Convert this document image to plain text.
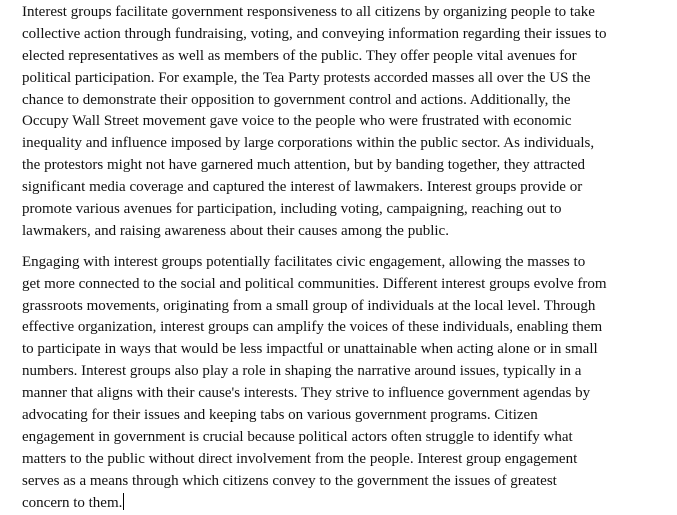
Interest groups facilitate government responsiveness to all citizens by organizing people to take
collective action through fundraising, voting, and conveying information regarding their issues to
elected representatives as well as members of the public. They offer people vital avenues for
political participation. For example, the Tea Party protests accorded masses all over the US the
chance to demonstrate their opposition to government control and actions. Additionally, the
Occupy Wall Street movement gave voice to the people who were frustrated with economic
inequality and influence imposed by large corporations within the public sector. As individuals,
the protestors might not have garnered much attention, but by banding together, they attracted
significant media coverage and captured the interest of lawmakers. Interest groups provide or
promote various avenues for participation, including voting, campaigning, reaching out to
lawmakers, and raising awareness about their causes among the public.
Engaging with interest groups potentially facilitates civic engagement, allowing the masses to
get more connected to the social and political communities. Different interest groups evolve from
grassroots movements, originating from a small group of individuals at the local level. Through
effective organization, interest groups can amplify the voices of these individuals, enabling them
to participate in ways that would be less impactful or unattainable when acting alone or in small
numbers. Interest groups also play a role in shaping the narrative around issues, typically in a
manner that aligns with their cause's interests. They strive to influence government agendas by
advocating for their issues and keeping tabs on various government programs. Citizen
engagement in government is crucial because political actors often struggle to identify what
matters to the public without direct involvement from the people. Interest group engagement
serves as a means through which citizens convey to the government the issues of greatest
concern to them.
